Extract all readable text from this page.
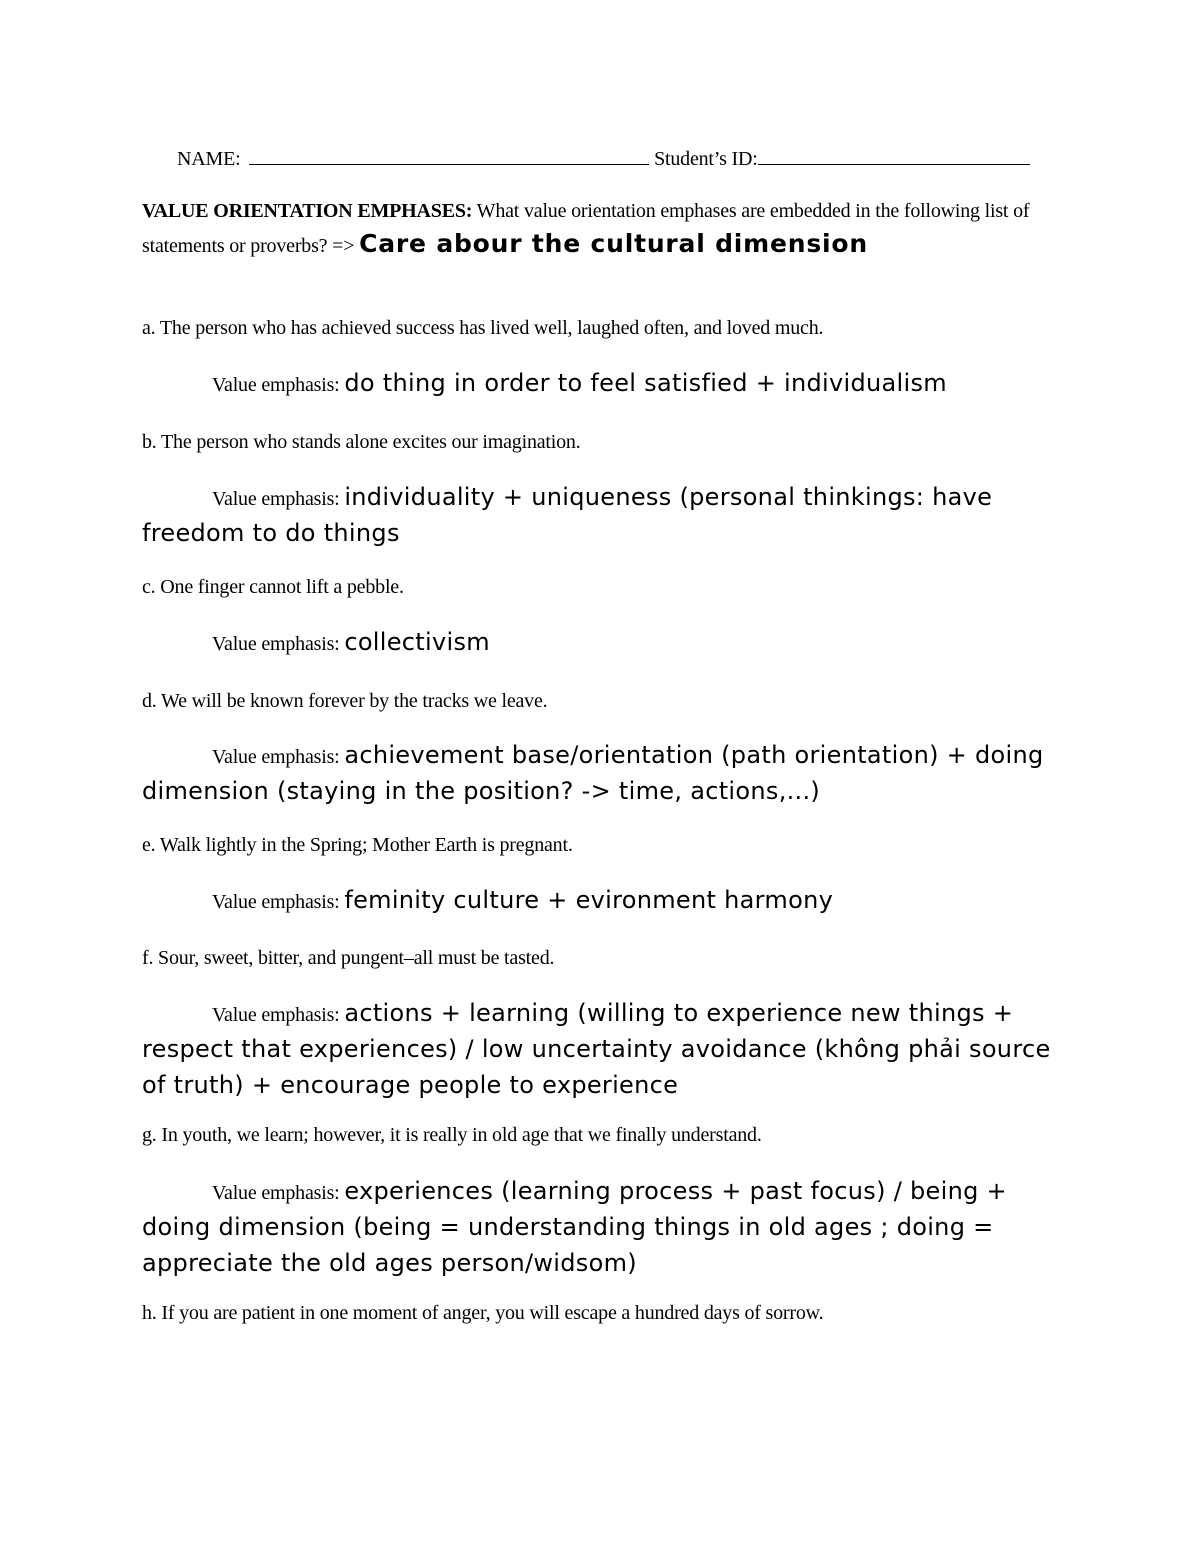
NAME:	Student’s ID:
VALUE ORIENTATION EMPHASES: What value orientation emphases are embedded in the following list of statements or proverbs? => Care abour the cultural dimension
a. The person who has achieved success has lived well, laughed often, and loved much.
Value emphasis: do thing in order to feel satisfied + individualism
b. The person who stands alone excites our imagination.
Value emphasis: individuality + uniqueness (personal thinkings: have freedom to do things
c. One finger cannot lift a pebble.
Value emphasis: collectivism
d. We will be known forever by the tracks we leave.
Value emphasis: achievement base/orientation (path orientation) + doing dimension (staying in the position? -> time, actions,...)
e. Walk lightly in the Spring; Mother Earth is pregnant.
Value emphasis: feminity culture + evironment harmony
f. Sour, sweet, bitter, and pungent–all must be tasted.
Value emphasis: actions + learning (willing to experience new things + respect that experiences) / low uncertainty avoidance (không phải source of truth) + encourage people to experience
g. In youth, we learn; however, it is really in old age that we finally understand.
Value emphasis: experiences (learning process + past focus) / being + doing dimension (being = understanding things in old ages ; doing = appreciate the old ages person/widsom)
h. If you are patient in one moment of anger, you will escape a hundred days of sorrow.
